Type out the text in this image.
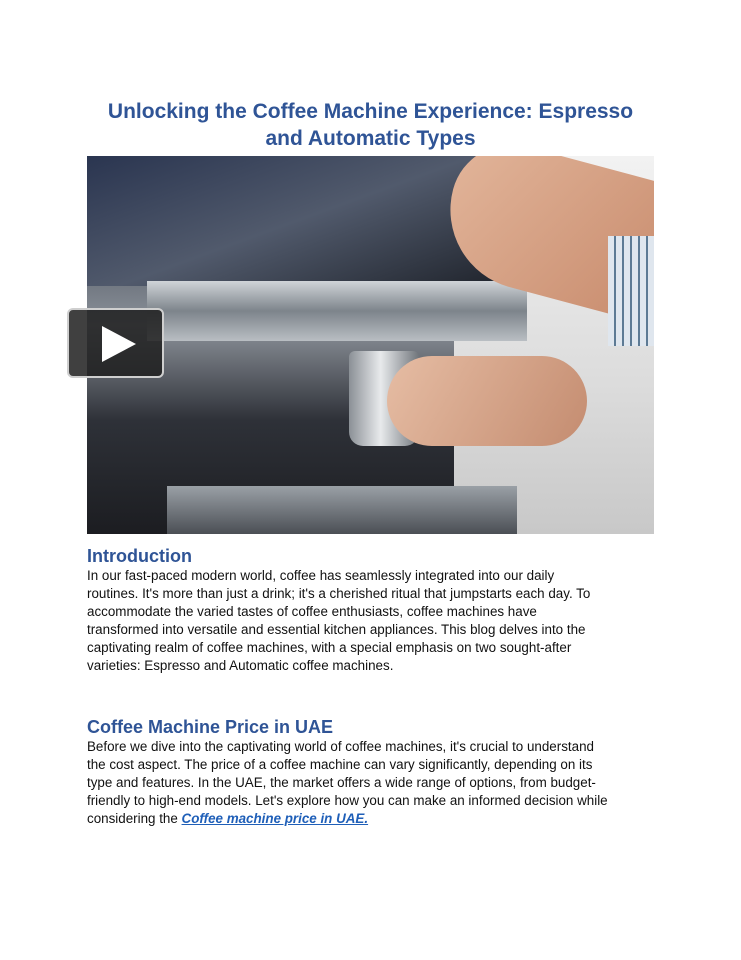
Unlocking the Coffee Machine Experience: Espresso
and Automatic Types
Introduction
In our fast-paced modern world, coffee has seamlessly integrated into our daily
routines. It's more than just a drink; it's a cherished ritual that jumpstarts each day. To
accommodate the varied tastes of coffee enthusiasts, coffee machines have
transformed into versatile and essential kitchen appliances. This blog delves into the
captivating realm of coffee machines, with a special emphasis on two sought-after
varieties: Espresso and Automatic coffee machines.
Coffee Machine Price in UAE
Before we dive into the captivating world of coffee machines, it's crucial to understand
the cost aspect. The price of a coffee machine can vary significantly, depending on its
type and features. In the UAE, the market offers a wide range of options, from budget-
friendly to high-end models. Let's explore how you can make an informed decision while
considering the Coffee machine price in UAE.
